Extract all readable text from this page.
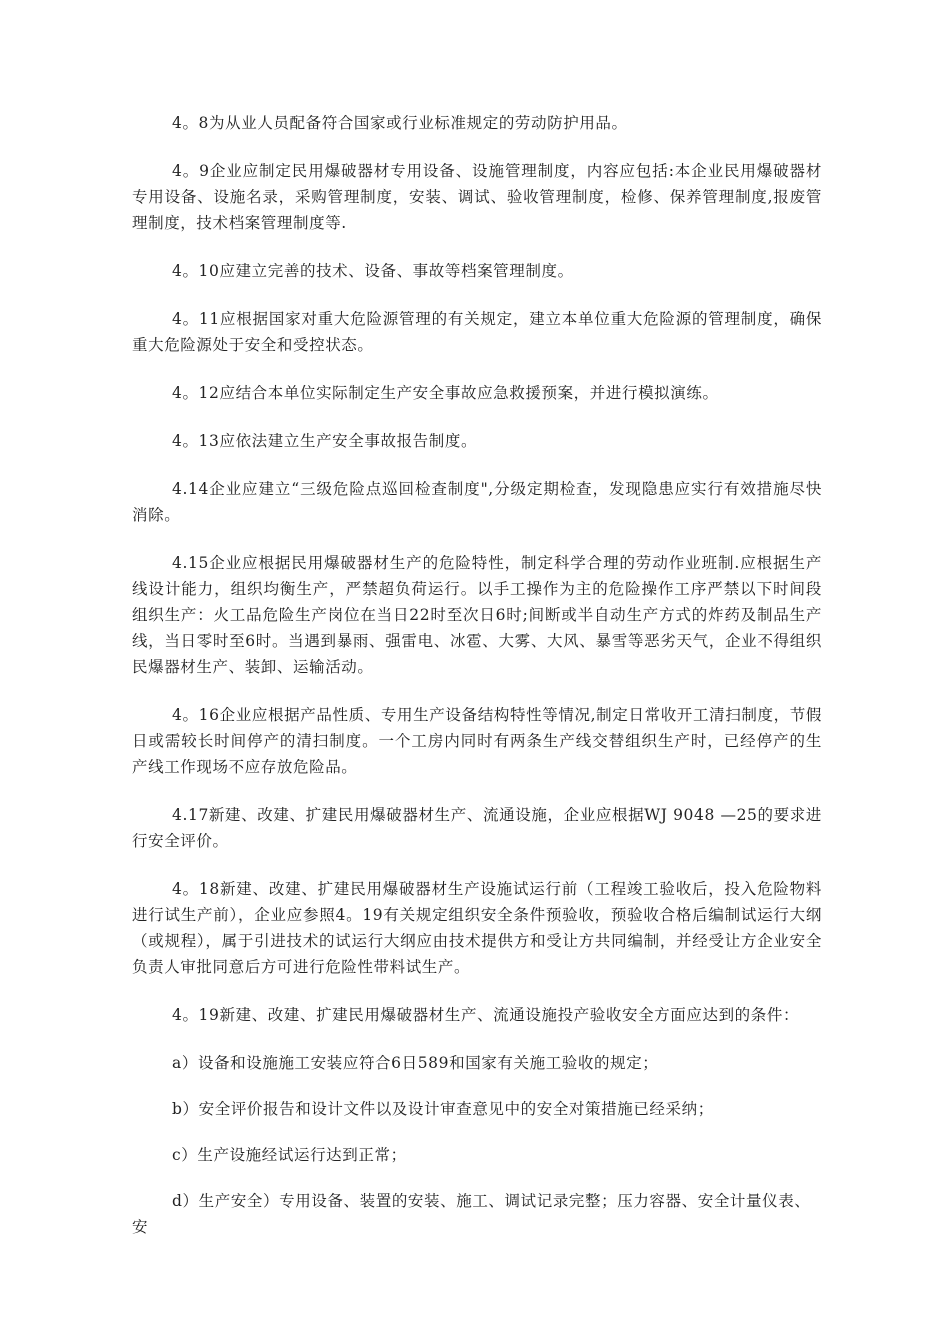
4。8为从业人员配备符合国家或行业标准规定的劳动防护用品。

4。9企业应制定民用爆破器材专用设备、设施管理制度，内容应包括:本企业民用爆破器材专用设备、设施名录，采购管理制度，安装、调试、验收管理制度，检修、保养管理制度,报废管理制度，技术档案管理制度等.

4。10应建立完善的技术、设备、事故等档案管理制度。

4。11应根据国家对重大危险源管理的有关规定，建立本单位重大危险源的管理制度，确保重大危险源处于安全和受控状态。

4。12应结合本单位实际制定生产安全事故应急救援预案，并进行模拟演练。

4。13应依法建立生产安全事故报告制度。

4.14企业应建立“三级危险点巡回检查制度",分级定期检查，发现隐患应实行有效措施尽快消除。

4.15企业应根据民用爆破器材生产的危险特性，制定科学合理的劳动作业班制.应根据生产线设计能力，组织均衡生产，严禁超负荷运行。以手工操作为主的危险操作工序严禁以下时间段组织生产：火工品危险生产岗位在当日22时至次日6时;间断或半自动生产方式的炸药及制品生产线，当日零时至6时。当遇到暴雨、强雷电、冰雹、大雾、大风、暴雪等恶劣天气，企业不得组织民爆器材生产、装卸、运输活动。

4。16企业应根据产品性质、专用生产设备结构特性等情况,制定日常收开工清扫制度，节假日或需较长时间停产的清扫制度。一个工房内同时有两条生产线交替组织生产时，已经停产的生产线工作现场不应存放危险品。

4.17新建、改建、扩建民用爆破器材生产、流通设施，企业应根据WJ 9048 —25的要求进行安全评价。

4。18新建、改建、扩建民用爆破器材生产设施试运行前（工程竣工验收后，投入危险物料进行试生产前），企业应参照4。19有关规定组织安全条件预验收，预验收合格后编制试运行大纲（或规程），属于引进技术的试运行大纲应由技术提供方和受让方共同编制，并经受让方企业安全负责人审批同意后方可进行危险性带料试生产。

4。19新建、改建、扩建民用爆破器材生产、流通设施投产验收安全方面应达到的条件：

a）设备和设施施工安装应符合6日589和国家有关施工验收的规定；

b）安全评价报告和设计文件以及设计审查意见中的安全对策措施已经采纳；

c）生产设施经试运行达到正常；

d）生产安全）专用设备、装置的安装、施工、调试记录完整；压力容器、安全计量仪表、安
